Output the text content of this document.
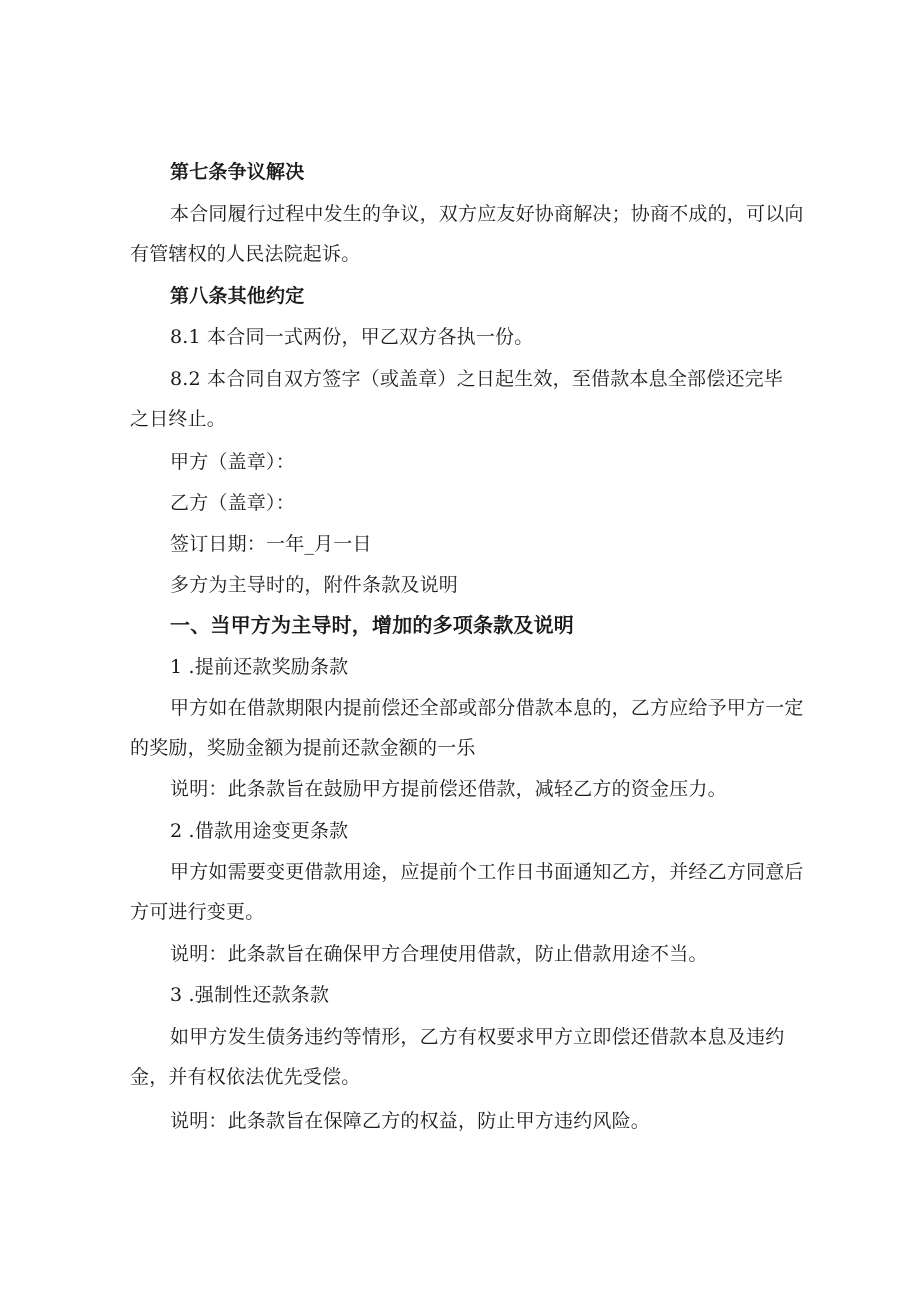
第七条争议解决
本合同履行过程中发生的争议，双方应友好协商解决；协商不成的，可以向
有管辖权的人民法院起诉。
第八条其他约定
8.1 本合同一式两份，甲乙双方各执一份。
8.2 本合同自双方签字（或盖章）之日起生效，至借款本息全部偿还完毕
之日终止。
甲方（盖章）：
乙方（盖章）：
签订日期：一年_月一日
多方为主导时的，附件条款及说明
一、当甲方为主导时，增加的多项条款及说明
1 .提前还款奖励条款
甲方如在借款期限内提前偿还全部或部分借款本息的，乙方应给予甲方一定
的奖励，奖励金额为提前还款金额的一乐
说明：此条款旨在鼓励甲方提前偿还借款，减轻乙方的资金压力。
2 .借款用途变更条款
甲方如需要变更借款用途，应提前个工作日书面通知乙方，并经乙方同意后
方可进行变更。
说明：此条款旨在确保甲方合理使用借款，防止借款用途不当。
3 .强制性还款条款
如甲方发生债务违约等情形，乙方有权要求甲方立即偿还借款本息及违约
金，并有权依法优先受偿。
说明：此条款旨在保障乙方的权益，防止甲方违约风险。
